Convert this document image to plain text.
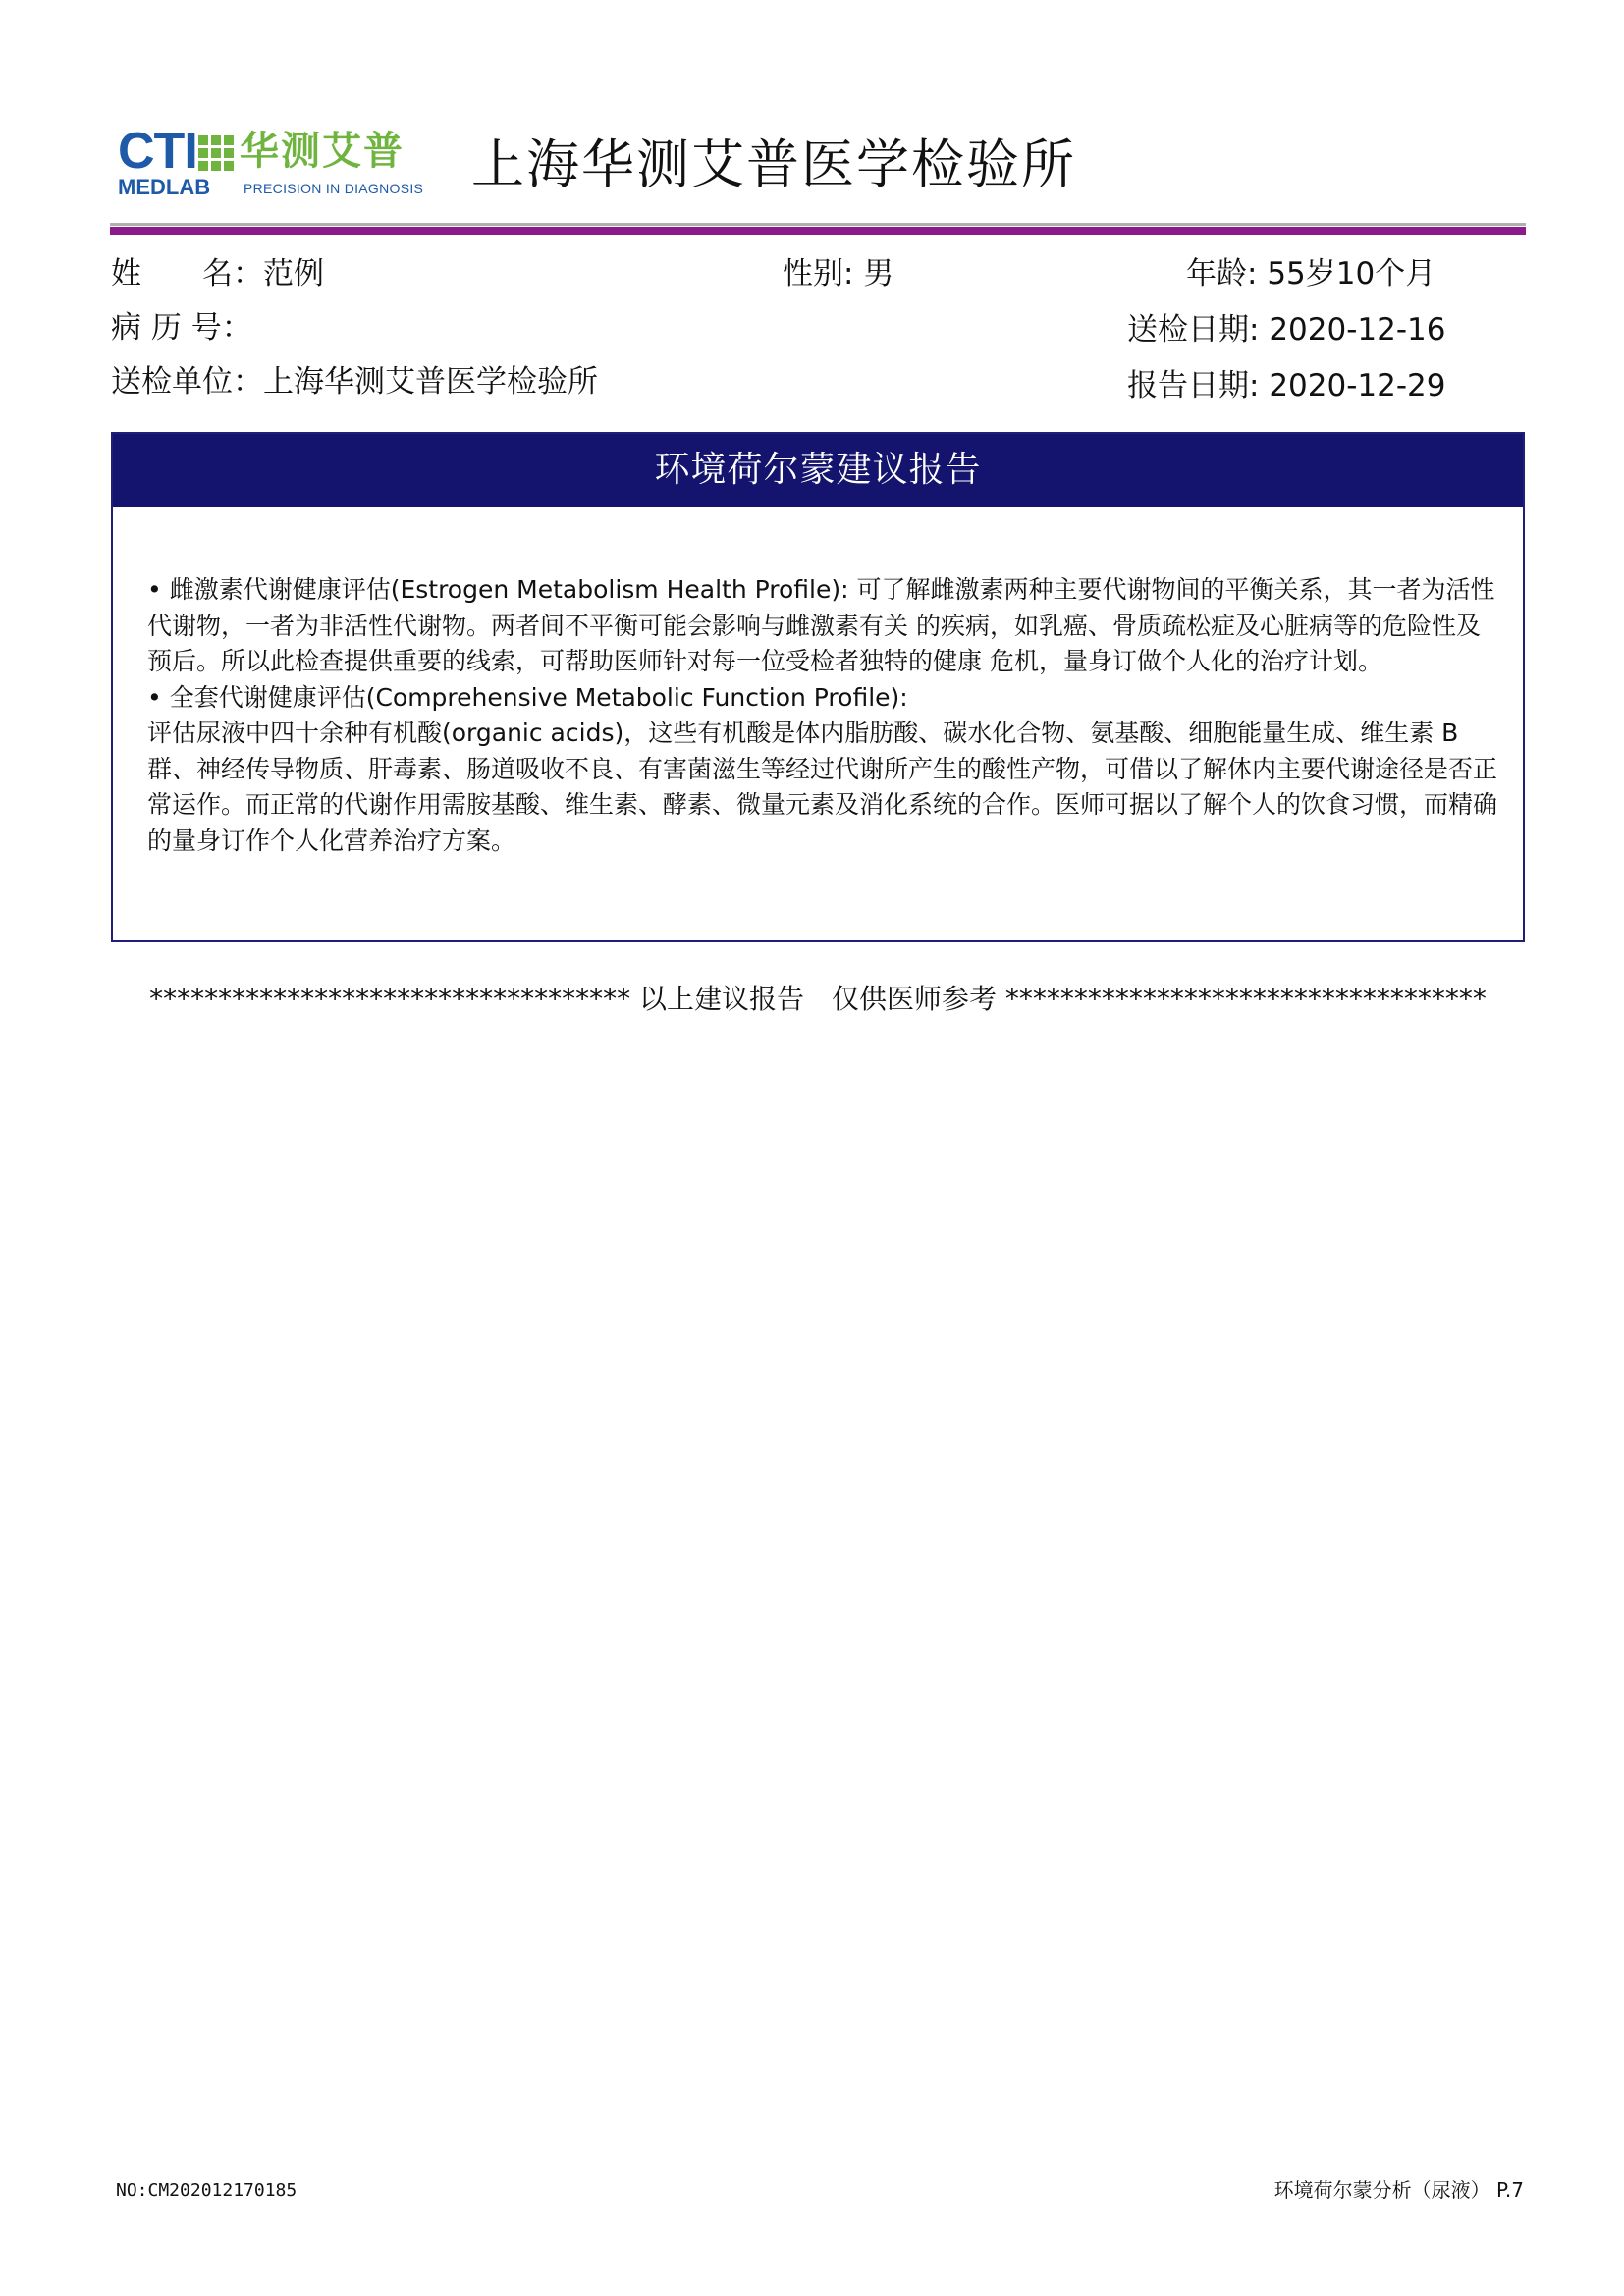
CTI 华测艾普
MEDLAB PRECISION IN DIAGNOSIS 上海华测艾普医学检验所
姓　　名：范例	性别: 男	年龄: 55岁10个月
病 历 号：	送检日期: 2020-12-16
送检单位：上海华测艾普医学检验所	报告日期: 2020-12-29
环境荷尔蒙建议报告

• 雌激素代谢健康评估(Estrogen Metabolism Health Profile): 可了解雌激素两种主要代谢物间的平衡关系，其一者为活性代谢物，一者为非活性代谢物。两者间不平衡可能会影响与雌激素有关 的疾病，如乳癌、骨质疏松症及心脏病等的危险性及预后。所以此检查提供重要的线索，可帮助医师针对每一位受检者独特的健康 危机，量身订做个人化的治疗计划。

• 全套代谢健康评估(Comprehensive Metabolic Function Profile):

评估尿液中四十余种有机酸(organic acids)，这些有机酸是体内脂肪酸、碳水化合物、氨基酸、细胞能量生成、维生素 B 群、神经传导物质、肝毒素、肠道吸收不良、有害菌滋生等经过代谢所产生的酸性产物，可借以了解体内主要代谢途径是否正常运作。而正常的代谢作用需胺基酸、维生素、酵素、微量元素及消化系统的合作。医师可据以了解个人的饮食习惯，而精确的量身订作个人化营养治疗方案。

*********************************** 以上建议报告　仅供医师参考 ***********************************
NO:CM202012170185	环境荷尔蒙分析（尿液） P.7
